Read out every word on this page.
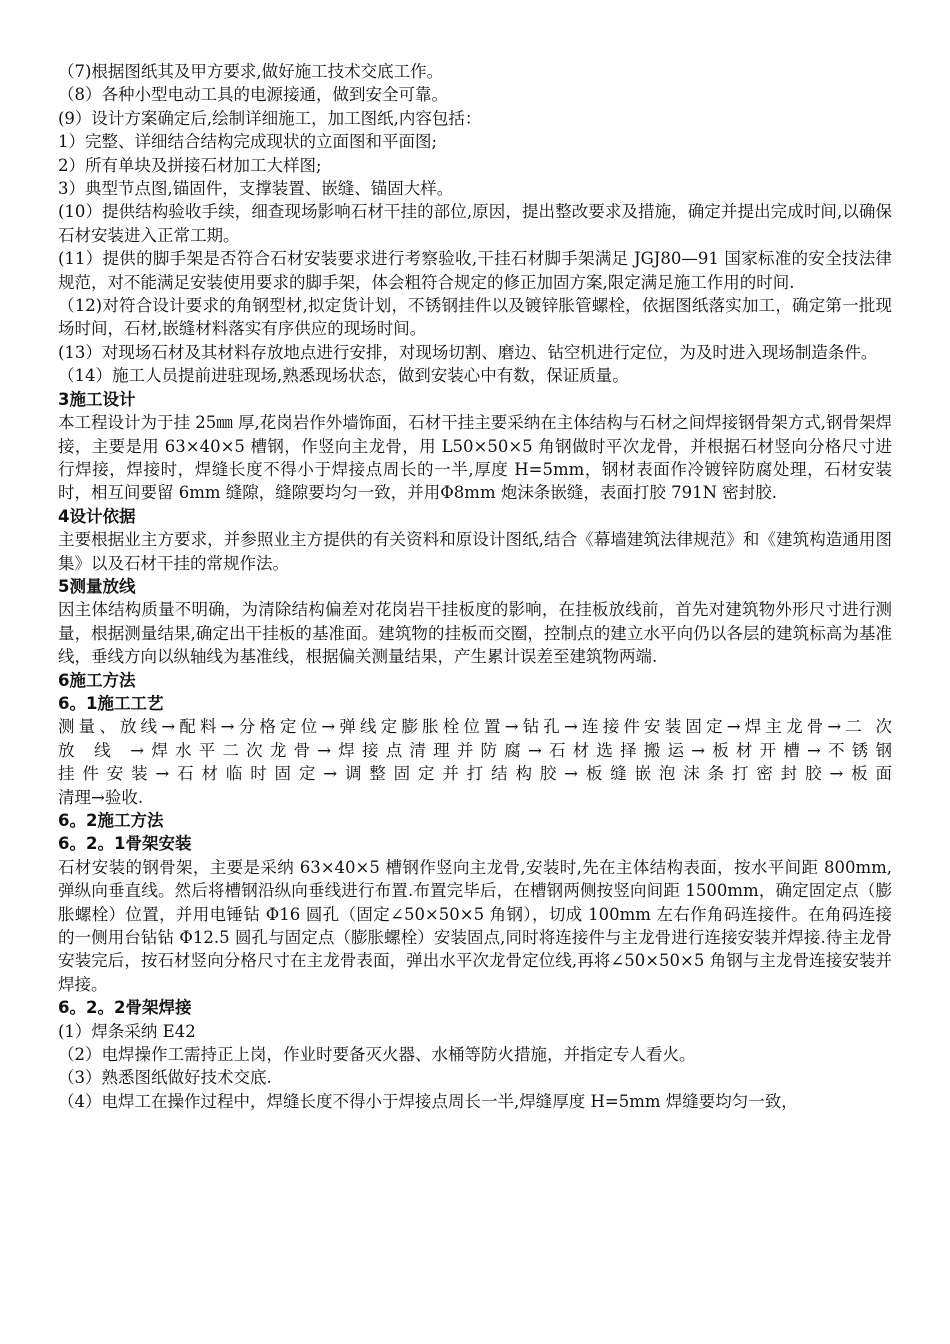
（7)根据图纸其及甲方要求,做好施工技术交底工作。

（8）各种小型电动工具的电源接通，做到安全可靠。

(9）设计方案确定后,绘制详细施工，加工图纸,内容包括：

1）完整、详细结合结构完成现状的立面图和平面图;

2）所有单块及拼接石材加工大样图;

3）典型节点图,锚固件，支撑装置、嵌缝、锚固大样。

(10）提供结构验收手续，细查现场影响石材干挂的部位,原因，提出整改要求及措施，确定并提出完成时间,以确保石材安装进入正常工期。

(11）提供的脚手架是否符合石材安装要求进行考察验收,干挂石材脚手架满足 JGJ80—91 国家标准的安全技法律规范，对不能满足安装使用要求的脚手架，体会粗符合规定的修正加固方案,限定满足施工作用的时间.

（12)对符合设计要求的角钢型材,拟定货计划，不锈钢挂件以及镀锌胀管螺栓，依据图纸落实加工，确定第一批现场时间，石材,嵌缝材料落实有序供应的现场时间。

(13）对现场石材及其材料存放地点进行安排，对现场切割、磨边、钻空机进行定位，为及时进入现场制造条件。

（14）施工人员提前进驻现场,熟悉现场状态，做到安装心中有数，保证质量。

3施工设计

本工程设计为于挂 25㎜ 厚,花岗岩作外墙饰面，石材干挂主要采纳在主体结构与石材之间焊接钢骨架方式,钢骨架焊接，主要是用 63×40×5 槽钢，作竖向主龙骨，用 L50×50×5 角钢做时平次龙骨，并根据石材竖向分格尺寸进行焊接，焊接时，焊缝长度不得小于焊接点周长的一半,厚度 H=5mm，钢材表面作冷镀锌防腐处理，石材安装时，相互间要留 6mm 缝隙，缝隙要均匀一致，并用Φ8mm 炮沫条嵌缝，表面打胶 791N 密封胶.

4设计依据

主要根据业主方要求，并参照业主方提供的有关资料和原设计图纸,结合《幕墙建筑法律规范》和《建筑构造通用图集》以及石材干挂的常规作法。

5测量放线

因主体结构质量不明确，为清除结构偏差对花岗岩干挂板度的影响，在挂板放线前，首先对建筑物外形尺寸进行测量，根据测量结果,确定出干挂板的基准面。建筑物的挂板而交圈，控制点的建立水平向仍以各层的建筑标高为基准线，垂线方向以纵轴线为基准线，根据偏关测量结果，产生累计误差至建筑物两端.

6施工方法

6。1施工工艺

测量、放线→配料→分格定位→弹线定膨胀栓位置→钻孔→连接件安装固定→焊主龙骨→二 次

放 线 →焊水平二次龙骨→焊接点清理并防腐→石材选择搬运→板材开槽→不锈钢

挂件安装→石材临时固定→调整固定并打结构胶→板缝嵌泡沫条打密封胶→板面

清理→验收.

6。2施工方法

6。2。1骨架安装

石材安装的钢骨架，主要是采纳 63×40×5 槽钢作竖向主龙骨,安装时,先在主体结构表面，按水平间距 800mm,弹纵向垂直线。然后将槽钢沿纵向垂线进行布置.布置完毕后，在槽钢两侧按竖向间距 1500mm，确定固定点（膨胀螺栓）位置，并用电锤钻 Φ16 圆孔（固定∠50×50×5 角钢），切成 100mm 左右作角码连接件。在角码连接的一侧用台钻钻 Φ12.5 圆孔与固定点（膨胀螺栓）安装固点,同时将连接件与主龙骨进行连接安装并焊接.待主龙骨安装完后，按石材竖向分格尺寸在主龙骨表面，弹出水平次龙骨定位线,再将∠50×50×5 角钢与主龙骨连接安装并焊接。

6。2。2骨架焊接

(1）焊条采纳 E42

（2）电焊操作工需持正上岗，作业时要备灭火器、水桶等防火措施，并指定专人看火。

（3）熟悉图纸做好技术交底.

（4）电焊工在操作过程中，焊缝长度不得小于焊接点周长一半,焊缝厚度 H=5mm 焊缝要均匀一致，
